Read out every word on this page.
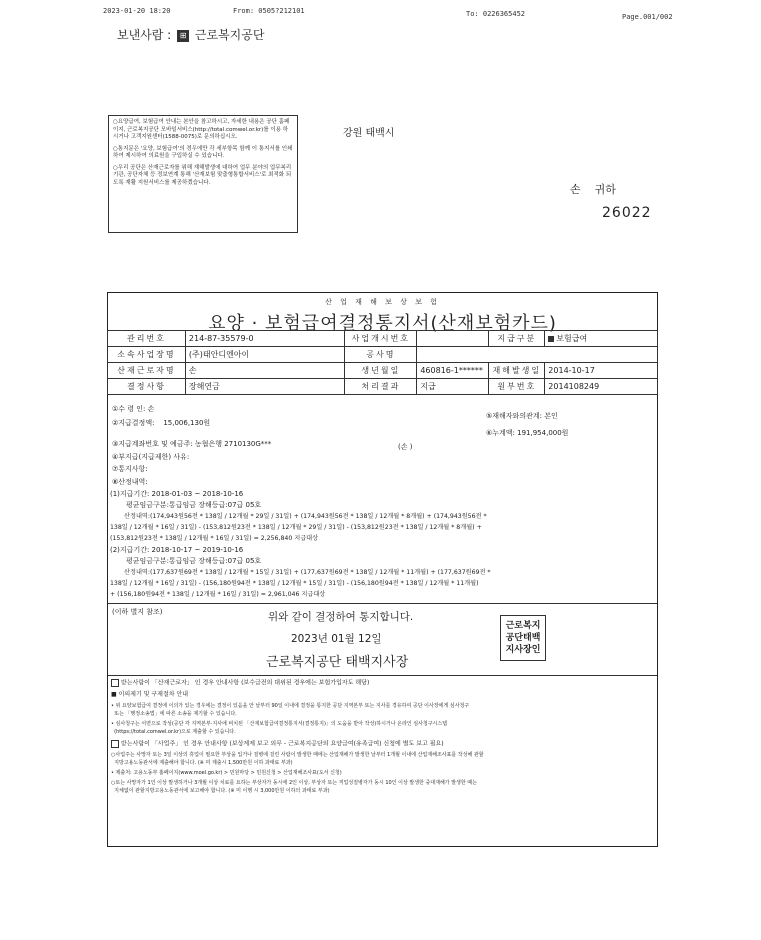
2023-01-20 18:20	From: 0505?212101	To: 0226365452	Page.001/002
보낸사람 : ⊞ 근로복지공단

○요양급여, 보험급여 안내는 본안을 참고하시고, 자세한 내용은 공단 홈페이지, 근로복지공단 모바일서비스(http://total.comwel.or.kr)를 이용 하시거나 고객지원센터(1588-0075)로 문의하십시오.

○통지문은 '요양, 보험급여'의 경우에만 각 세부항목 함께 이 통지서를 인쇄하여 제시하여 의료원을 구입하실 수 있습니다.

○우리 공단은 산재근로자를 위해 재해발생에 대하여 업무 분야의 업무복리기관, 공단자체 등 정보연계 통해 '산재보험 맞춤형통합서비스'로 최적화 되도록 재활 지원서비스를 제공하겠습니다.

강원 태백시
손    귀하
26022
산 업 재 해 보 상 보 험
요양 · 보험급여결정통지서(산재보험카드)
관리번호	214-87-35579-0	사업개시번호		지급구분	보험급여
소속사업장명	(주)태안디엔아이	공사명			
산재근로자명	손	생년월일	460816-1******	재해발생일	2014-10-17
결정사항	장해연금	처리결과	지급	원부번호	2014108249
①수 령 인: 손
⑤재해자와의관계: 본인
②지급결정액:    15,006,130원
⑥누계액: 191,954,000원
③지급계좌번호 및 예금주: 농협은행 2710130G***	(손 )
④부지급(지급제한) 사유:
⑦통지사항:
⑧산정내역:
(1)지급기간: 2018-01-03 ~ 2018-10-16
평균임금구분:통급임금 장해등급:07급 05호
산정내역:(174,943원56전 * 138일 / 12개월 * 29일 / 31일) + (174,943원56전 * 138일 / 12개월 * 8개월) + (174,943원56전 *
138일 / 12개월 * 16일 / 31일) - (153,812원23전 * 138일 / 12개월 * 29일 / 31일) - (153,812원23전 * 138일 / 12개월 * 8개월) +
(153,812원23전 * 138일 / 12개월 * 16일 / 31일) = 2,256,840 지급대상
(2)지급기간: 2018-10-17 ~ 2019-10-16
평균임금구분:통급임금 장해등급:07급 05호
산정내역:(177,637원69전 * 138일 / 12개월 * 15일 / 31일) + (177,637원69전 * 138일 / 12개월 * 11개월) + (177,637원69전 *
138일 / 12개월 * 16일 / 31일) - (156,180원94전 * 138일 / 12개월 * 15일 / 31일) - (156,180원94전 * 138일 / 12개월 * 11개월)
+ (156,180원94전 * 138일 / 12개월 * 16일 / 31일) = 2,961,046 지급대상
(이하 별지 참조)	위와 같이 결정하여 통지합니다.
2023년 01월 12일
근로복지공단 태백지사장
근로복지
공단태백
지사장인
받는사람이 「산재근로자」 인 경우 안내사항 (보수급전의 대위된 경우에는 보험가입자도 해당)
■ 이의제기 및 구제절차 안내
• 위 요양보험급여 결정에 이의가 있는 경우에는 결정이 있음을 안 날부터 90일 이내에 결정을 통지한 공단 지역본부 또는 지사를 경유하여 공단 이사장에게 심사청구
또는 「행정소송법」에 따른 소송을 제기할 수 있습니다.
• 심사청구는 서면으로 작성(공단 각 지역본부·지사에 비치된 「산재보험급여결정통지서(결정통지)」의 도움을 받아 작성)하시거나 온라인 심사청구시스템
(https://total.comwel.or.kr)으로 제출할 수 있습니다.
받는사람이 「사업주」 인 경우 안내사항 (보상계제 보고 의무 - 근로복지공단의 요양급여(유족급여) 신청에 별도 보고 필요)
○사업주는 사망자 또는 3일 이상의 휴업이 필요한 부상을 입거나 질병에 걸린 사람이 발생한 때에는 산업재해가 발생한 날부터 1개월 이내에 산업재해조사표를 작성해 관할
지방고용노동관서에 제출해야 합니다. (※ 미 제출시 1,500만원 이하 과태료 부과)
• 제출처: 고용노동부 홈페이지(www.moel.go.kr) > 민원마당 > 민원신청 > 산업재해조사표(도서 신청)
○또는 사망자가 1인 이상 발생하거나 3개월 이상 치료를 요하는 부상자가 동시에 2인 이상, 부상자 또는 직업성질병자가 동시 10인 이상 발생한 중대재해가 발생한 때는
지체없이 관할지방고용노동관서에 보고해야 합니다. (※ 미 이행 시 3,000만원 이하의 과태료 부과)
